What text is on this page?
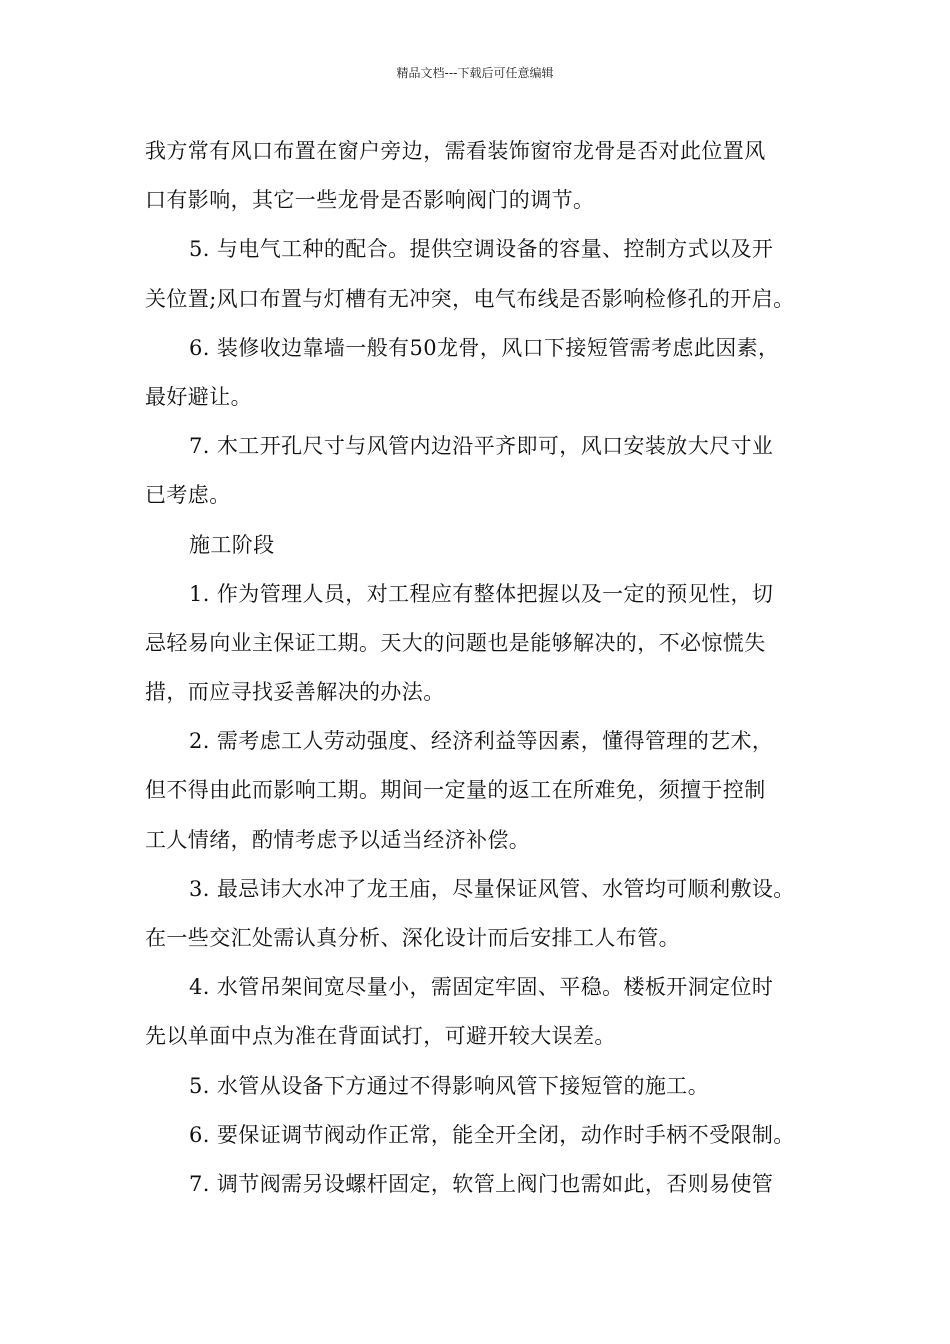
精品文档---下载后可任意编辑
我方常有风口布置在窗户旁边，需看装饰窗帘龙骨是否对此位置风
口有影响，其它一些龙骨是否影响阀门的调节。
5. 与电气工种的配合。提供空调设备的容量、控制方式以及开
关位置;风口布置与灯槽有无冲突，电气布线是否影响检修孔的开启。
6. 装修收边靠墙一般有50龙骨，风口下接短管需考虑此因素，
最好避让。
7. 木工开孔尺寸与风管内边沿平齐即可，风口安装放大尺寸业
已考虑。
施工阶段
1. 作为管理人员，对工程应有整体把握以及一定的预见性，切
忌轻易向业主保证工期。天大的问题也是能够解决的，不必惊慌失
措，而应寻找妥善解决的办法。
2. 需考虑工人劳动强度、经济利益等因素，懂得管理的艺术，
但不得由此而影响工期。期间一定量的返工在所难免，须擅于控制
工人情绪，酌情考虑予以适当经济补偿。
3. 最忌讳大水冲了龙王庙，尽量保证风管、水管均可顺利敷设。
在一些交汇处需认真分析、深化设计而后安排工人布管。
4. 水管吊架间宽尽量小，需固定牢固、平稳。楼板开洞定位时
先以单面中点为准在背面试打，可避开较大误差。
5. 水管从设备下方通过不得影响风管下接短管的施工。
6. 要保证调节阀动作正常，能全开全闭，动作时手柄不受限制。
7. 调节阀需另设螺杆固定，软管上阀门也需如此，否则易使管
